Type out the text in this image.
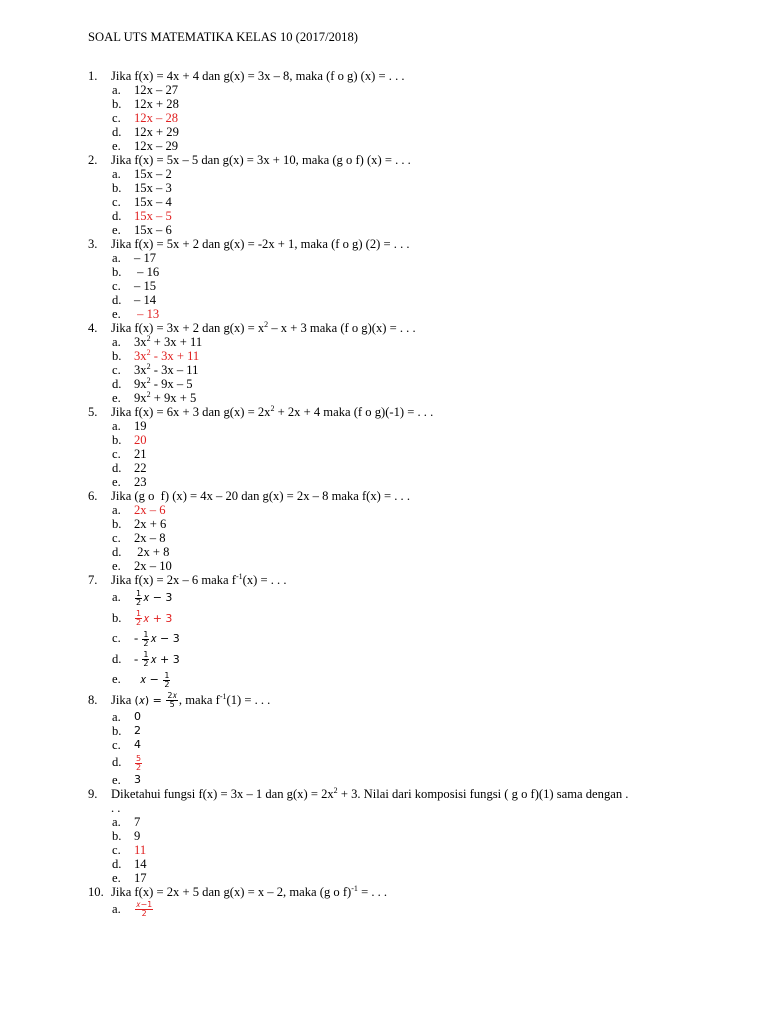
SOAL UTS MATEMATIKA KELAS 10 (2017/2018)
1. Jika f(x) = 4x + 4 dan g(x) = 3x – 8, maka (f o g) (x) = . . .
a. 12x – 27
b. 12x + 28
c. 12x – 28
d. 12x + 29
e. 12x – 29
2. Jika f(x) = 5x – 5 dan g(x) = 3x + 10, maka (g o f) (x) = . . .
a. 15x – 2
b. 15x – 3
c. 15x – 4
d. 15x – 5
e. 15x – 6
3. Jika f(x) = 5x + 2 dan g(x) = -2x + 1, maka (f o g) (2) = . . .
a. – 17
b. – 16
c. – 15
d. – 14
e. – 13
4. Jika f(x) = 3x + 2 dan $g(x) = x^2 - x + 3$ maka (f o g)(x) = . . .
a. $3x^2 + 3x + 11$
b. $3x^2 - 3x + 11$
c. $3x^2 - 3x - 11$
d. $9x^2 - 9x - 5$
e. $9x^2 + 9x + 5$
5. Jika f(x) = 6x + 3 dan $g(x) = 2x^2 + 2x + 4$ maka (f o g)(-1) = . . .
a. 19
b. 20
c. 21
d. 22
e. 23
6. Jika (g o  f) (x) = 4x – 20 dan g(x) = 2x – 8 maka f(x) = . . .
a. 2x – 6
b. 2x + 6
c. 2x – 8
d. 2x + 8
e. 2x – 10
7. Jika f(x) = 2x – 6 maka $f^{-1}(x)$ = . . .
a. $\frac{1}{2}$ 𝑥 − 3
b. $\frac{1}{2}$ 𝑥 + 3
c. - $\frac{1}{2}$ 𝑥 − 3
d. - $\frac{1}{2}$ 𝑥 + 3
e. 𝑥 − $\frac{1}{2}$
8. Jika (𝑥) = $\frac{\text{2𝑥}}{5}$ , maka $f^{-1}(1)$ = . . .
a. 0
b. 2
c. 4
d. $\frac{5}{2}$
e. 3
9. Diketahui fungsi f(x) = 3x – 1 dan $g(x) = 2x^2 + 3$. Nilai dari komposisi fungsi ( g o f)(1) sama dengan .
. .
a. 7
b. 9
c. 11
d. 14
e. 17
10. Jika f(x) = 2x + 5 dan g(x) = x – 2, maka (g o f)$^{-1}$ = . . .
a. $\frac{\text{𝑥−1}}{2}$
